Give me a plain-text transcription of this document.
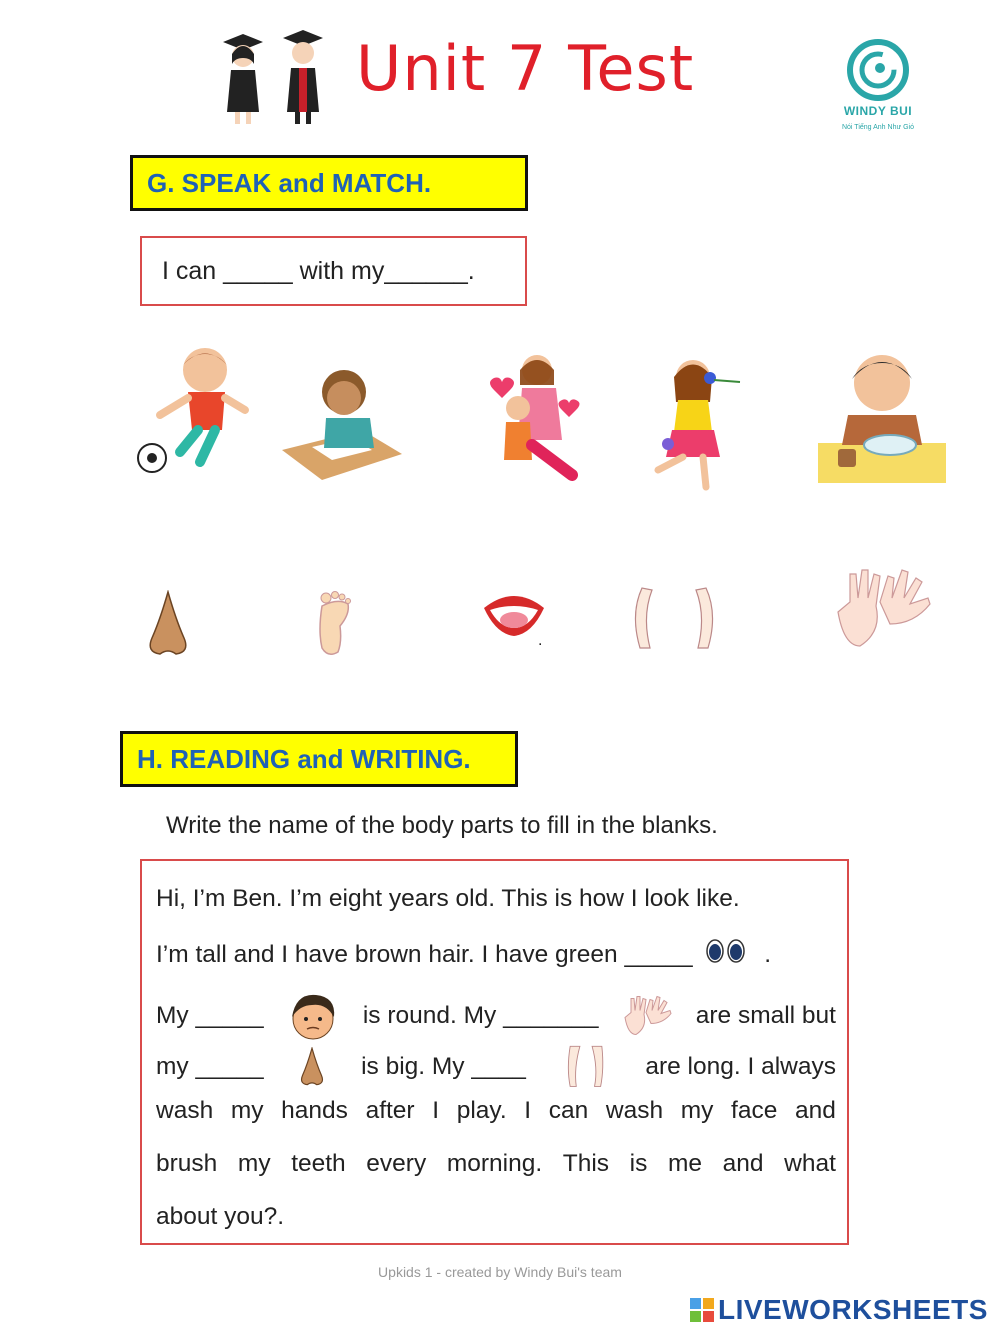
Unit 7 Test
WINDY BUI
Nói Tiếng Anh Như Gió
G. SPEAK and MATCH.
I can _____ with my______.
.
H. READING and WRITING.
Write the name of the body parts to fill in the blanks.
Hi, I’m Ben. I’m eight years old. This is how I look like.
I’m tall and I have brown hair. I have green _____	.
My _____	is round. My _______	are small but
my _____	is big. My ____	are long. I always
wash my hands after I play. I can wash my face and
brush my teeth every morning. This is me and what
about you?.
Upkids 1 - created by Windy Bui's team
LIVEWORKSHEETS
